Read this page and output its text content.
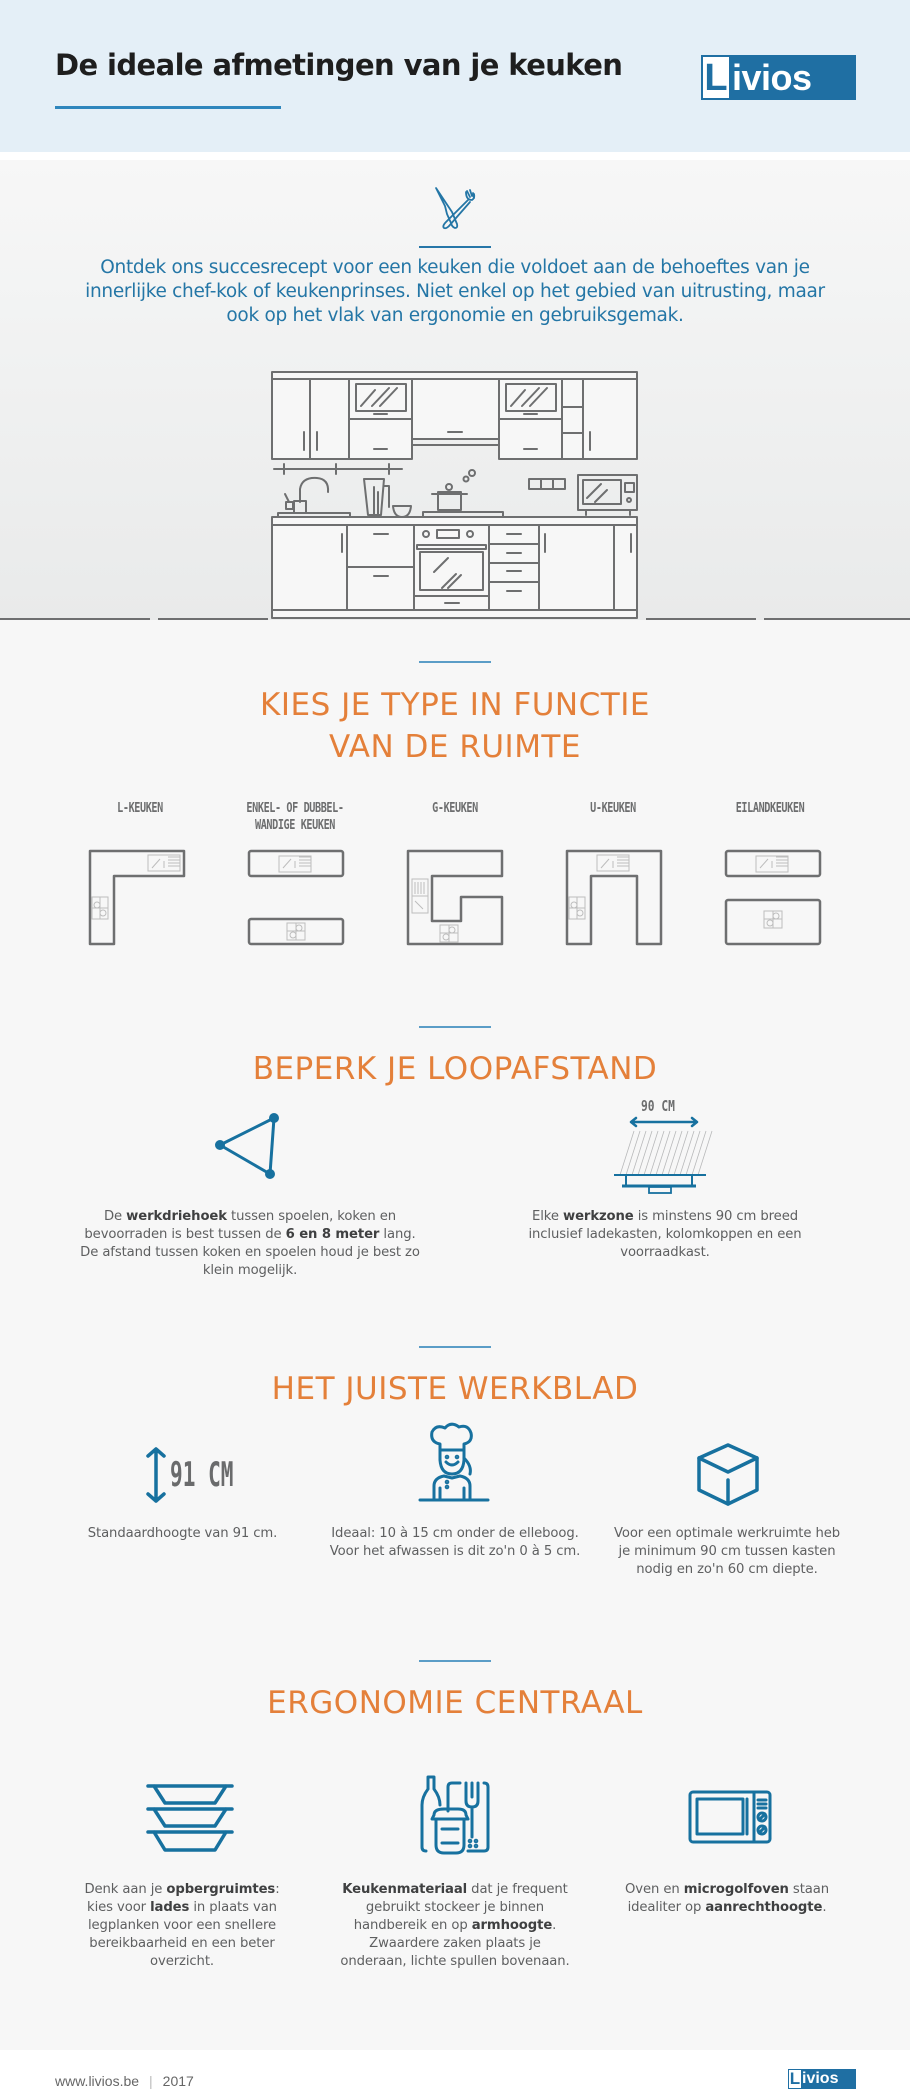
De ideale afmetingen van je keuken L ivios
Ontdek ons succesrecept voor een keuken die voldoet aan de behoeftes van je innerlijke chef-kok of keukenprinses. Niet enkel op het gebied van uitrusting, maar ook op het vlak van ergonomie en gebruiksgemak.
KIES JE TYPE IN FUNCTIE
VAN DE RUIMTE
L-KEUKEN	ENKEL- OF DUBBEL-
WANDIGE KEUKEN
G-KEUKEN	U-KEUKEN	EILANDKEUKEN
BEPERK JE LOOPAFSTAND
De werkdriehoek tussen spoelen, koken en bevoorraden is best tussen de 6 en 8 meter lang. De afstand tussen koken en spoelen houd je best zo klein mogelijk.
90 CM
Elke werkzone is minstens 90 cm breed inclusief ladekasten, kolomkoppen en een voorraadkast.
HET JUISTE WERKBLAD
91 CM
Standaardhoogte van 91 cm.	Ideaal: 10 à 15 cm onder de elleboog. Voor het afwassen is dit zo'n 0 à 5 cm.
Voor een optimale werkruimte heb je minimum 90 cm tussen kasten nodig en zo'n 60 cm diepte.
ERGONOMIE CENTRAAL
Denk aan je opbergruimtes: kies voor lades in plaats van legplanken voor een snellere bereikbaarheid en een beter overzicht.
Keukenmateriaal dat je frequent gebruikt stockeer je binnen handbereik en op armhoogte. Zwaardere zaken plaats je onderaan, lichte spullen bovenaan.
Oven en microgolfoven staan idealiter op aanrechthoogte.
www.livios.be | 2017	L ivios
